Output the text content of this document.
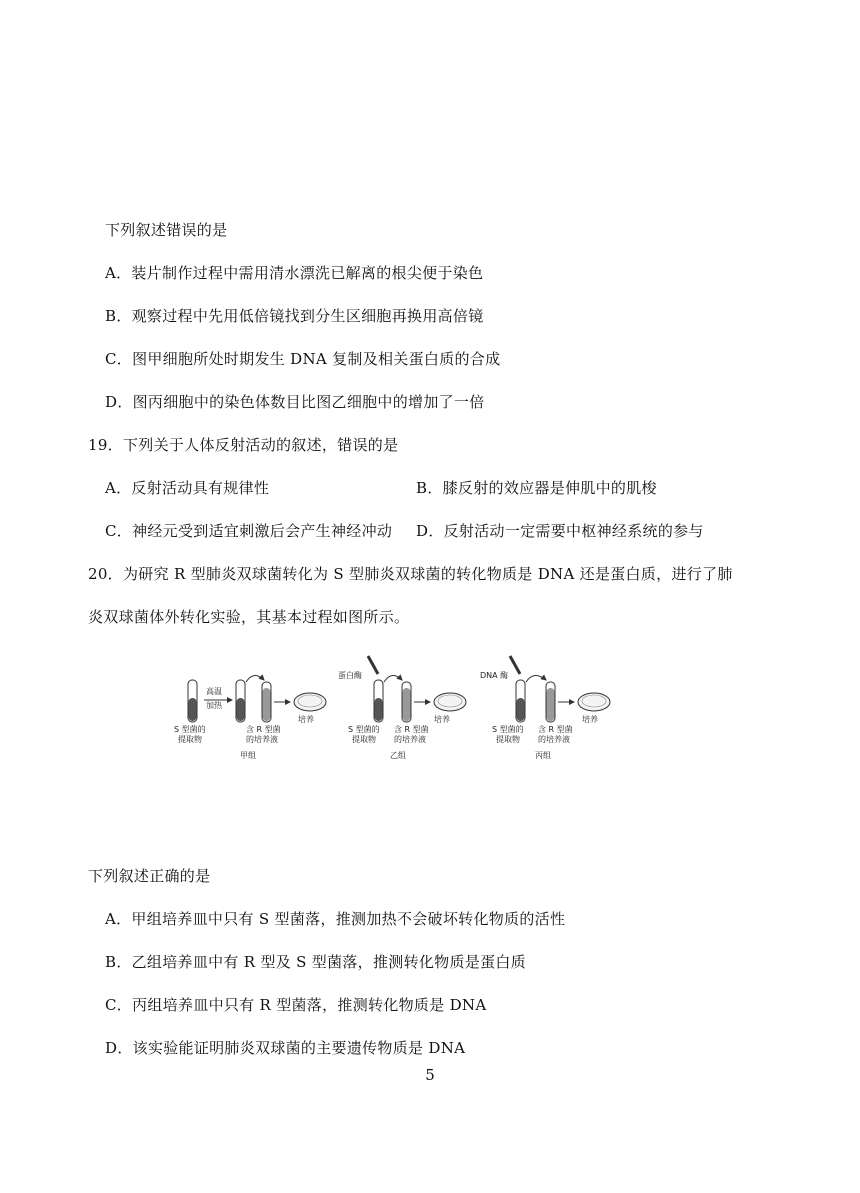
下列叙述错误的是
A．装片制作过程中需用清水漂洗已解离的根尖便于染色
B．观察过程中先用低倍镜找到分生区细胞再换用高倍镜
C．图甲细胞所处时期发生 DNA 复制及相关蛋白质的合成
D．图丙细胞中的染色体数目比图乙细胞中的增加了一倍
19．下列关于人体反射活动的叙述，错误的是
A．反射活动具有规律性	B．膝反射的效应器是伸肌中的肌梭
C．神经元受到适宜刺激后会产生神经冲动 D．反射活动一定需要中枢神经系统的参与
20．为研究 R 型肺炎双球菌转化为 S 型肺炎双球菌的转化物质是 DNA 还是蛋白质，进行了肺
炎双球菌体外转化实验，其基本过程如图所示。
高温
加热
培养
S 型菌的
提取物
含 R 型菌
的培养液
甲组
蛋白酶
培养
S 型菌的
提取物
含 R 型菌
的培养液
乙组
DNA 酶
培养
S 型菌的
提取物
含 R 型菌
的培养液
丙组
下列叙述正确的是
A．甲组培养皿中只有 S 型菌落，推测加热不会破坏转化物质的活性
B．乙组培养皿中有 R 型及 S 型菌落，推测转化物质是蛋白质
C．丙组培养皿中只有 R 型菌落，推测转化物质是 DNA
D．该实验能证明肺炎双球菌的主要遗传物质是 DNA
5
